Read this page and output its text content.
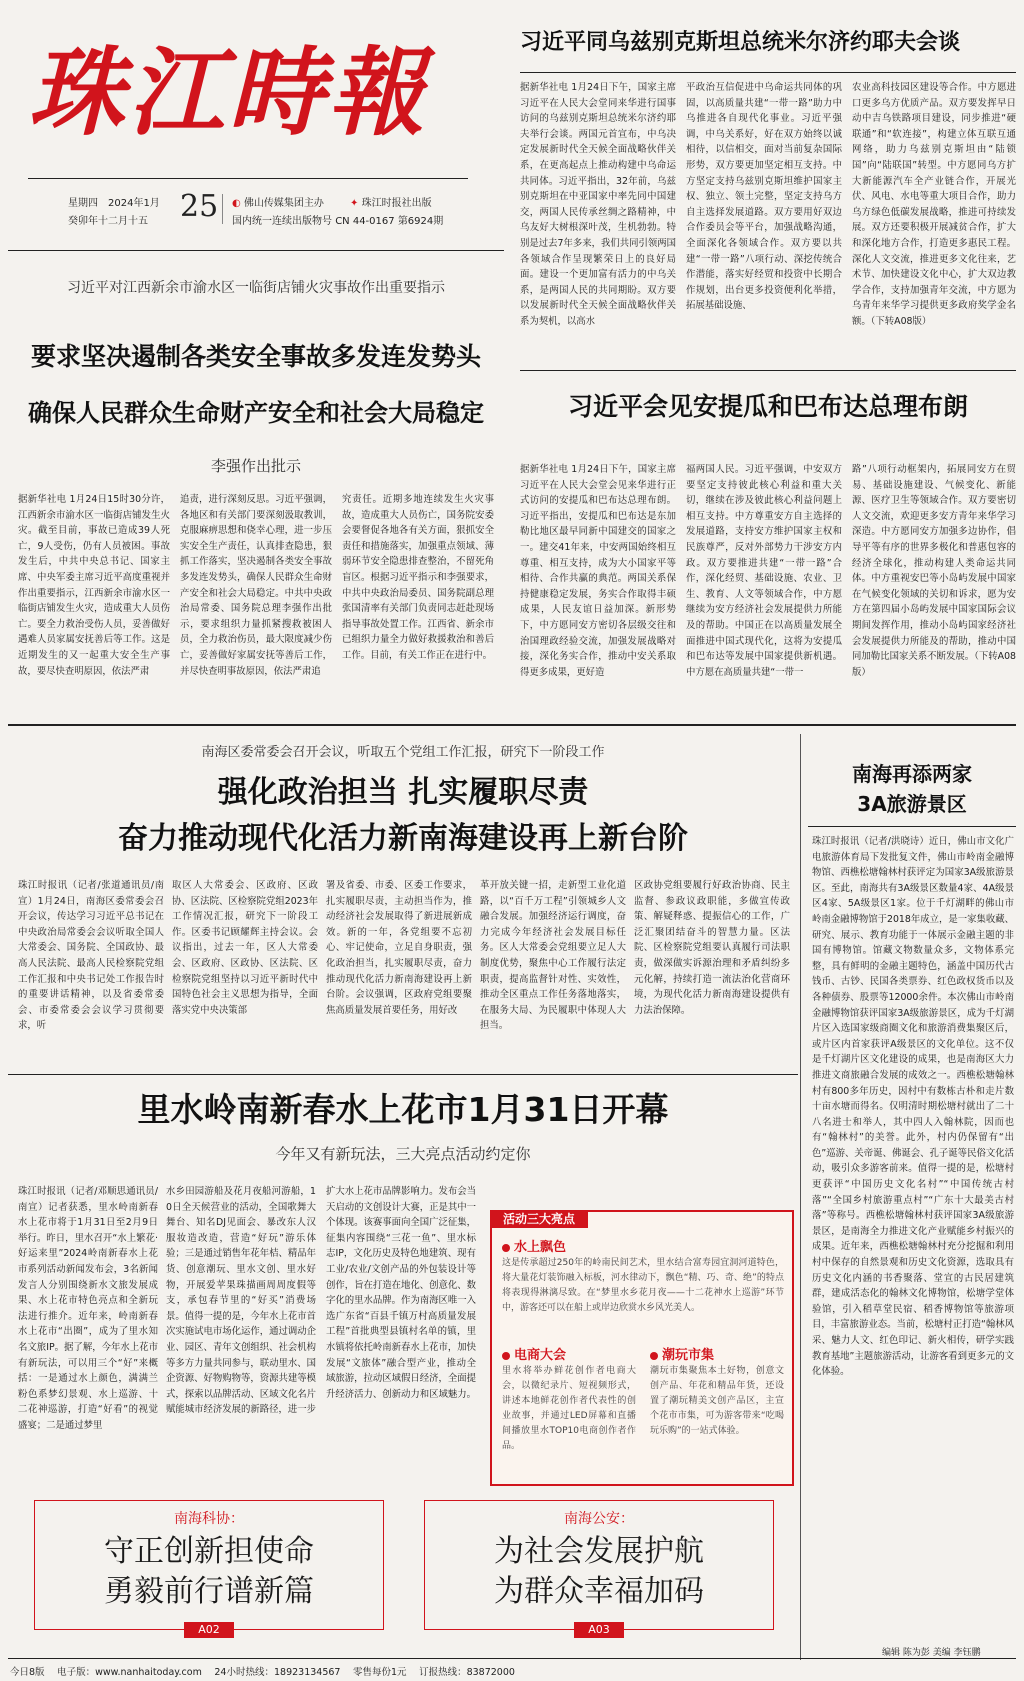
珠江時報
星期四 2024年1月
癸卯年十二月十五 25 ◐ 佛山传媒集团主办	✦ 珠江时报社出版
国内统一连续出版物号 CN 44-0167 第6924期
习近平同乌兹别克斯坦总统米尔济约耶夫会谈
据新华社电 1月24日下午，国家主席习近平在人民大会堂同来华进行国事访问的乌兹别克斯坦总统米尔济约耶夫举行会谈。两国元首宣布，中乌决定发展新时代全天候全面战略伙伴关系，在更高起点上推动构建中乌命运共同体。习近平指出，32年前，乌兹别克斯坦在中亚国家中率先同中国建交，两国人民传承丝绸之路精神，中乌友好大树根深叶茂，生机勃勃。特别是过去7年多来，我们共同引领两国各领域合作呈现繁荣日上的良好局面。建设一个更加富有活力的中乌关系，是两国人民的共同期盼。双方要以发展新时代全天候全面战略伙伴关系为契机，以高水
平政治互信促进中乌命运共同体的巩固，以高质量共建“一带一路”助力中乌推进各自现代化事业。习近平强调，中乌关系好，好在双方始终以诚相待，以信相交，面对当前复杂国际形势，双方要更加坚定相互支持。中方坚定支持乌兹别克斯坦维护国家主权、独立、领土完整，坚定支持乌方自主选择发展道路。双方要用好双边合作委员会等平台，加强战略沟通，全面深化各领域合作。双方要以共建“一带一路”八项行动、深挖传统合作潜能，落实好经贸和投资中长期合作规划，出台更多投资便利化举措，拓展基础设施、
农业高科技园区建设等合作。中方愿进口更多乌方优质产品。双方要发挥早日动中吉乌铁路项目建设，同步推进“硬联通”和“软连接”，构建立体互联互通网络，助力乌兹别克斯坦由“陆锁国”向“陆联国”转型。中方愿同乌方扩大新能源汽车全产业链合作，开展光伏、风电、水电等重大项目合作，助力乌方绿色低碳发展战略，推进可持续发展。双方还要积极开展减贫合作，扩大和深化地方合作，打造更多惠民工程。深化人文交流，推进更多文化往来，艺术节、加快建设文化中心，扩大双边教学合作，支持加强青年交流，中方愿为乌青年来华学习提供更多政府奖学金名额。（下转A08版）
习近平对江西新余市渝水区一临街店铺火灾事故作出重要指示
要求坚决遏制各类安全事故多发连发势头
确保人民群众生命财产安全和社会大局稳定
李强作出批示
据新华社电 1月24日15时30分许，江西新余市渝水区一临街店铺发生火灾。截至目前，事故已造成39人死亡，9人受伤，仍有人员被困。事故发生后，中共中央总书记、国家主席、中央军委主席习近平高度重视并作出重要指示，江西新余市渝水区一临街店铺发生火灾，造成重大人员伤亡。要全力救治受伤人员，妥善做好遇难人员家属安抚善后等工作。这是近期发生的又一起重大安全生产事故，要尽快查明原因，依法严肃
追责，进行深刻反思。习近平强调，各地区和有关部门要深刻汲取教训，克服麻痹思想和侥幸心理，进一步压实安全生产责任，认真排查隐患，狠抓工作落实，坚决遏制各类安全事故多发连发势头，确保人民群众生命财产安全和社会大局稳定。中共中央政治局常委、国务院总理李强作出批示，要求组织力量抓紧搜救被困人员，全力救治伤员，最大限度减少伤亡，妥善做好家属安抚等善后工作，并尽快查明事故原因，依法严肃追
究责任。近期多地连续发生火灾事故，造成重大人员伤亡，国务院安委会要督促各地各有关方面，狠抓安全责任和措施落实，加强重点领域、薄弱环节安全隐患排查整治，不留死角盲区。根据习近平指示和李强要求，中共中央政治局委员、国务院副总理张国清率有关部门负责同志赶赴现场指导事故处置工作。江西省、新余市已组织力量全力做好救援救治和善后工作。目前，有关工作正在进行中。
习近平会见安提瓜和巴布达总理布朗
据新华社电 1月24日下午，国家主席习近平在人民大会堂会见来华进行正式访问的安提瓜和巴布达总理布朗。习近平指出，安提瓜和巴布达是东加勒比地区最早同新中国建交的国家之一。建交41年来，中安两国始终相互尊重、相互支持，成为大小国家平等相待、合作共赢的典范。两国关系保持健康稳定发展，务实合作取得丰硕成果，人民友谊日益加深。新形势下，中方愿同安方密切各层级交往和治国理政经验交流，加强发展战略对接，深化务实合作，推动中安关系取得更多成果，更好造
福两国人民。习近平强调，中安双方要坚定支持彼此核心利益和重大关切，继续在涉及彼此核心利益问题上相互支持。中方尊重安方自主选择的发展道路，支持安方维护国家主权和民族尊严，反对外部势力干涉安方内政。双方要推进共建“一带一路”合作，深化经贸、基础设施、农业、卫生、教育、人文等领域合作，中方愿继续为安方经济社会发展提供力所能及的帮助。中国正在以高质量发展全面推进中国式现代化，这将为安提瓜和巴布达等发展中国家提供新机遇。中方愿在高质量共建“一带一
路”八项行动框架内，拓展同安方在贸易、基础设施建设、气候变化、新能源、医疗卫生等领域合作。双方要密切人文交流，欢迎更多安方青年来华学习深造。中方愿同安方加强多边协作，倡导平等有序的世界多极化和普惠包容的经济全球化，推动构建人类命运共同体。中方重视安巴等小岛屿发展中国家在气候变化领域的关切和诉求，愿为安方在第四届小岛屿发展中国家国际会议期间发挥作用，推动小岛屿国家经济社会发展提供力所能及的帮助，推动中国同加勒比国家关系不断发展。（下转A08版）
南海区委常委会召开会议，听取五个党组工作汇报，研究下一阶段工作
强化政治担当 扎实履职尽责
奋力推动现代化活力新南海建设再上新台阶
珠江时报讯（记者/张道通讯员/南宣）1月24日，南海区委常委会召开会议，传达学习习近平总书记在中央政治局常委会会议听取全国人大常委会、国务院、全国政协、最高人民法院、最高人民检察院党组工作汇报和中央书记处工作报告时的重要讲话精神，以及省委常委会、市委常委会会议学习贯彻要求，听
取区人大常委会、区政府、区政协、区法院、区检察院党组2023年工作情况汇报，研究下一阶段工作。区委书记顾耀辉主持会议。会议指出，过去一年，区人大常委会、区政府、区政协、区法院、区检察院党组坚持以习近平新时代中国特色社会主义思想为指导，全面落实党中央决策部
署及省委、市委、区委工作要求，扎实履职尽责，主动担当作为，推动经济社会发展取得了新进展新成效。新的一年，各党组要不忘初心、牢记使命，立足自身职责，强化政治担当，扎实履职尽责，奋力推动现代化活力新南海建设再上新台阶。会议强调，区政府党组要聚焦高质量发展首要任务，用好改
革开放关键一招，走新型工业化道路，以“百千万工程”引领城乡人文融合发展。加强经济运行调度，奋力完成今年经济社会发展目标任务。区人大常委会党组要立足人大制度优势，聚焦中心工作履行法定职责，提高监督针对性、实效性，推动全区重点工作任务落地落实，在服务大局、为民履职中体现人大担当。
区政协党组要履行好政治协商、民主监督、参政议政职能，多做宣传政策、解疑释惑、提振信心的工作，广泛汇聚团结奋斗的智慧力量。区法院、区检察院党组要认真履行司法职责，做深做实诉源治理和矛盾纠纷多元化解，持续打造一流法治化营商环境，为现代化活力新南海建设提供有力法治保障。
里水岭南新春水上花市1月31日开幕
今年又有新玩法，三大亮点活动约定你
珠江时报讯（记者/邓顺思通讯员/南宣）记者获悉，里水岭南新春水上花市将于1月31日至2月9日举行。昨日，里水召开“水上繁花·好运来里”2024岭南新春水上花市系列活动新闻发布会，3名新闻发言人分别围绕新水文旅发展成果、水上花市特色亮点和全新玩法进行推介。近年来，岭南新春水上花市“出圈”，成为了里水知名文旅IP。据了解，今年水上花市有新玩法，可以用三个“好”来概括：一是通过水上颜色，满满兰粉色系梦幻景观、水上巡游、十二花神巡游，打造“好看”的视觉盛宴；二是通过梦里
水乡田园游船及花月夜船河游船，10日全天候营业的活动，全国歌舞大舞台、知名DJ见面会、暴改东人汉服妆造改造，营造“好玩”游乐体验；三是通过销售年花年桔、精品年货、创意潮玩、里水文创、里水好物，开展爱苹果珠描画周周度假等支，承包春节里的“好买”消费场景。值得一提的是，今年水上花市首次实施试电市场化运作，通过调动企业、园区、青年文创组织、社会机构等多方力量共同参与，联动里水、国企资源、好物购物等，资源共建等模式，探索以品牌活动、区域文化名片赋能城市经济发展的新路径，进一步
扩大水上花市品牌影响力。发布会当天启动的文创设计大赛，正是其中一个体现。该赛事面向全国广泛征集，征集内容围绕“三花一鱼”、里水标志IP，文化历史及特色地建筑、现有工业/农业/文创产品的外包装设计等创作，旨在打造在地化、创意化、数字化的里水品牌。作为南海区唯一入选广东省“百县千镇万村高质量发展工程”首批典型县镇村名单的镇，里水镇将依托岭南新春水上花市，加快发展“文旅体”融合型产业，推动全域旅游，拉动区域假日经济，全面提升经济活力、创新动力和区域魅力。
活动三大亮点
水上飘色
这是传承超过250年的岭南民间艺术，里水结合富寿园宜洞河道特色，将大量花灯装饰融入标板，河水律动下，飘色“精、巧、奇、绝”的特点将表现得淋漓尽致。在“梦里水乡花月夜——十二花神水上巡游”环节中，游客还可以在船上或岸边欣赏水乡风光美人。
电商大会
里水将举办鲜花创作者电商大会，以微纪录片、短视频形式，讲述本地鲜花创作者代表性的创业故事，并通过LED屏幕和直播间播放里水TOP10电商创作者作品。
潮玩市集
潮玩市集聚焦本土好物，创意文创产品、年花和精品年货，还设置了潮玩精美文创产品区，主宣个花市市集，可为游客带来“吃喝玩乐购”的一站式体验。
南海科协：
守正创新担使命
勇毅前行谱新篇
A02
南海公安：
为社会发展护航
为群众幸福加码
A03
南海再添两家
3A旅游景区
珠江时报讯（记者/洪晓诗）近日，佛山市文化广电旅游体育局下发批复文件，佛山市岭南金融博物馆、西樵松塘翰林村获评定为国家3A级旅游景区。至此，南海共有3A级景区数量4家、4A级景区4家、5A级景区1家。位于千灯湖畔的佛山市岭南金融博物馆于2018年成立，是一家集收藏、研究、展示、教育功能于一体展示金融主题的非国有博物馆。馆藏文物数量众多，文物体系完整，具有鲜明的金融主题特色，涵盖中国历代古钱币、古钞、民国各类票券、红色政权货币以及各种债券、股票等12000余件。本次佛山市岭南金融博物馆获评国家3A级旅游景区，成为千灯湖片区入选国家级商圈文化和旅游消费集聚区后，或片区内首家获评A级景区的文化单位。这不仅是千灯湖片区文化建设的成果，也是南海区大力推进文商旅融合发展的成效之一。西樵松塘翰林村有800多年历史，因村中有数栋古朴和走片数十亩水塘而得名。仅明清时期松塘村就出了二十八名进士和举人，其中四人入翰林院，因而也有“翰林村”的美誉。此外，村内仍保留有“出色”巡游、关帝诞、佛诞会、孔子诞等民俗文化活动，吸引众多游客前来。值得一提的是，松塘村更获评“中国历史文化名村”“中国传统古村落”“全国乡村旅游重点村”“广东十大最美古村落”等称号。西樵松塘翰林村获评国家3A级旅游景区，是南海全力推进文化产业赋能乡村振兴的成果。近年来，西樵松塘翰林村充分挖掘和利用村中保存的自然景观和历史文化资源，选取具有历史文化内涵的书香聚落、堂宣的古民居建筑群，建成活态化的翰林文化博物馆，松塘学堂体验馆，引入稻草堂民宿、稻香博物馆等旅游项目，丰富旅游业态。当前，松塘村正打造“翰林风采、魅力人文、红色印记、新火相传，研学实践教育基地”主题旅游活动，让游客看到更多元的文化体验。
编辑 陈为彭 美编 李钰鹏
今日8版　 电子版：www.nanhaitoday.com　 24小时热线：18923134567　 零售每份1元　 订报热线：83872000
